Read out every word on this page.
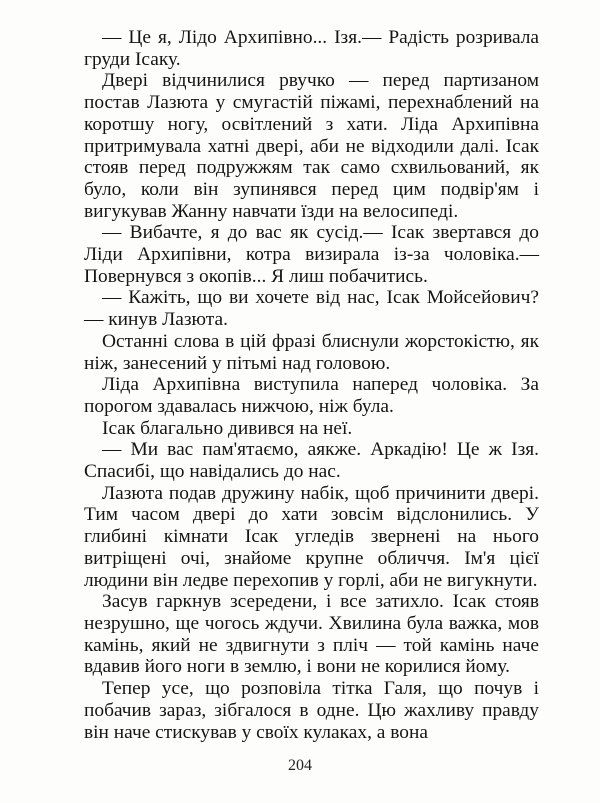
— Це я, Лідо Архипівно... Ізя.— Радість розривала груди Ісаку.

Двері відчинилися рвучко — перед партизаном постав Лазюта у смугастій піжамі, перехнаблений на коротшу ногу, освітлений з хати. Ліда Архипівна притримувала хатні двері, аби не відходили далі. Ісак стояв перед подружжям так само схвильований, як було, коли він зупинявся перед цим подвір'ям і вигукував Жанну навчати їзди на велосипеді.

— Вибачте, я до вас як сусід.— Ісак звертався до Ліди Архипівни, котра визирала із-за чоловіка.— Повернувся з окопів... Я лиш побачитись.

— Кажіть, що ви хочете від нас, Ісак Мойсейович?— кинув Лазюта.

Останні слова в цій фразі блиснули жорстокістю, як ніж, занесений у пітьмі над головою.

Ліда Архипівна виступила наперед чоловіка. За порогом здавалась нижчою, ніж була.

Ісак благально дивився на неї.

— Ми вас пам'ятаємо, аякже. Аркадію! Це ж Ізя. Спасибі, що навідались до нас.

Лазюта подав дружину набік, щоб причинити двері. Тим часом двері до хати зовсім відслонились. У глибині кімнати Ісак угледів звернені на нього витріщені очі, знайоме крупне обличчя. Ім'я цієї людини він ледве перехопив у горлі, аби не вигукнути.

Засув гаркнув зсередени, і все затихло. Ісак стояв незрушно, ще чогось ждучи. Хвилина була важка, мов камінь, який не здвигнути з пліч — той камінь наче вдавив його ноги в землю, і вони не корилися йому.

Тепер усе, що розповіла тітка Галя, що почув і побачив зараз, зібгалося в одне. Цю жахливу правду він наче стискував у своїх кулаках, а вона

204
